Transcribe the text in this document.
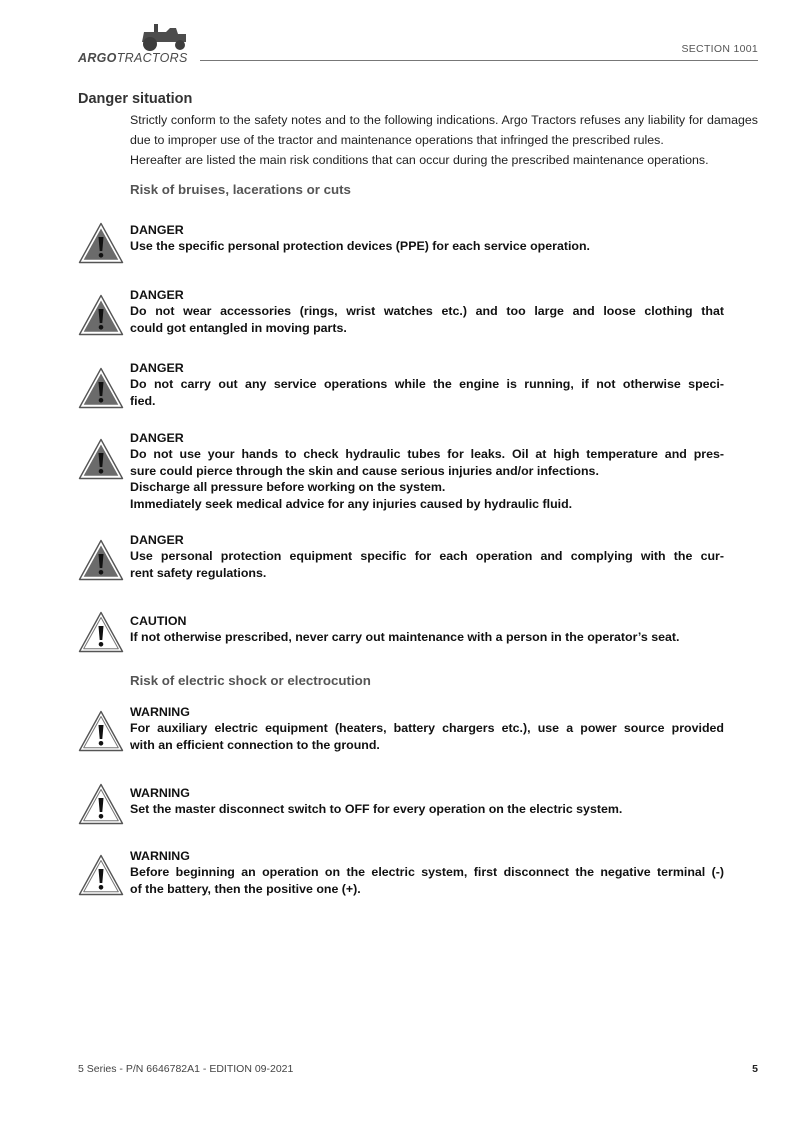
ARGOTRACTORS
SECTION 1001
Danger situation

Strictly conform to the safety notes and to the following indications. Argo Tractors refuses any liability for damages due to improper use of the tractor and maintenance operations that infringed the prescribed rules.

Hereafter are listed the main risk conditions that can occur during the prescribed maintenance operations.

Risk of bruises, lacerations or cuts
DANGER
Use the specific personal protection devices (PPE) for each service operation.
DANGER
Do not wear accessories (rings, wrist watches etc.) and too large and loose clothing that
could got entangled in moving parts.
DANGER
Do not carry out any service operations while the engine is running, if not otherwise speci-
fied.
DANGER
Do not use your hands to check hydraulic tubes for leaks. Oil at high temperature and pres-
sure could pierce through the skin and cause serious injuries and/or infections.
Discharge all pressure before working on the system.
Immediately seek medical advice for any injuries caused by hydraulic fluid.
DANGER
Use personal protection equipment specific for each operation and complying with the cur-
rent safety regulations.
CAUTION
If not otherwise prescribed, never carry out maintenance with a person in the operator’s seat.
Risk of electric shock or electrocution
WARNING
For auxiliary electric equipment (heaters, battery chargers etc.), use a power source provided
with an efficient connection to the ground.
WARNING
Set the master disconnect switch to OFF for every operation on the electric system.
WARNING
Before beginning an operation on the electric system, first disconnect the negative terminal (-)
of the battery, then the positive one (+).
5 Series - P/N 6646782A1 - EDITION 09-2021	5
